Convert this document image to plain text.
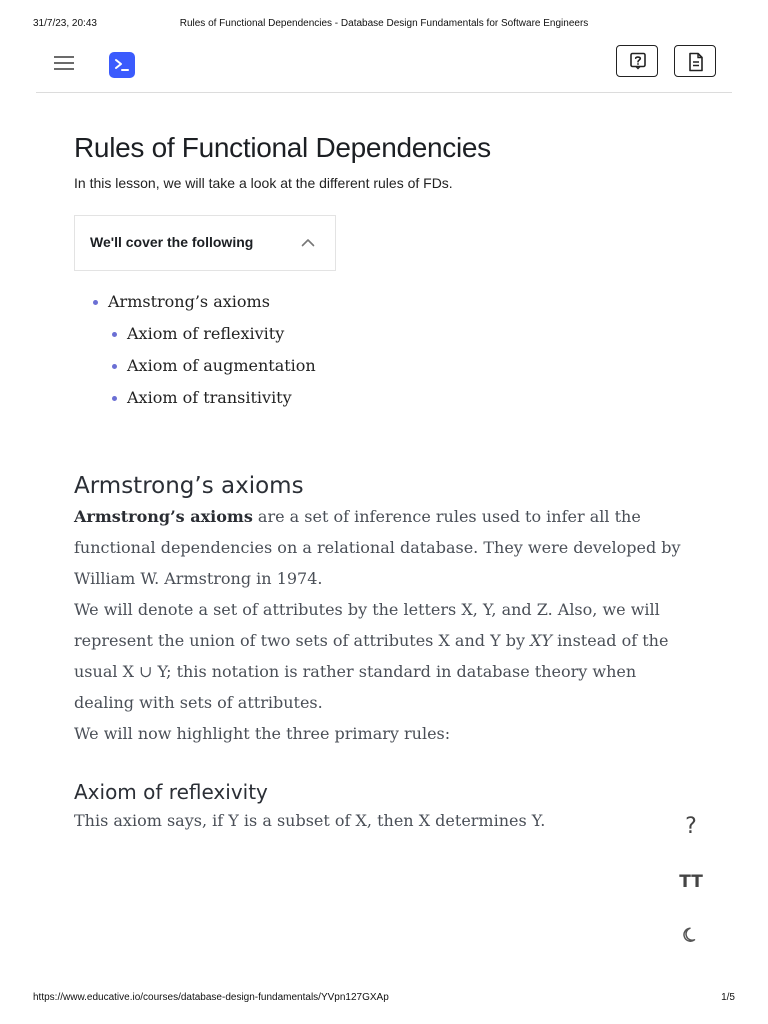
31/7/23, 20:43	Rules of Functional Dependencies - Database Design Fundamentals for Software Engineers
Rules of Functional Dependencies
In this lesson, we will take a look at the different rules of FDs.
We'll cover the following
Armstrong’s axioms
Axiom of reflexivity
Axiom of augmentation
Axiom of transitivity
Armstrong’s axioms

Armstrong’s axioms are a set of inference rules used to infer all the functional dependencies on a relational database. They were developed by William W. Armstrong in 1974.

We will denote a set of attributes by the letters X, Y, and Z. Also, we will represent the union of two sets of attributes X and Y by XY instead of the usual X ∪ Y; this notation is rather standard in database theory when dealing with sets of attributes.

We will now highlight the three primary rules:

Axiom of reflexivity

This axiom says, if Y is a subset of X, then X determines Y.	?
TT
https://www.educative.io/courses/database-design-fundamentals/YVpn127GXAp	1/5
